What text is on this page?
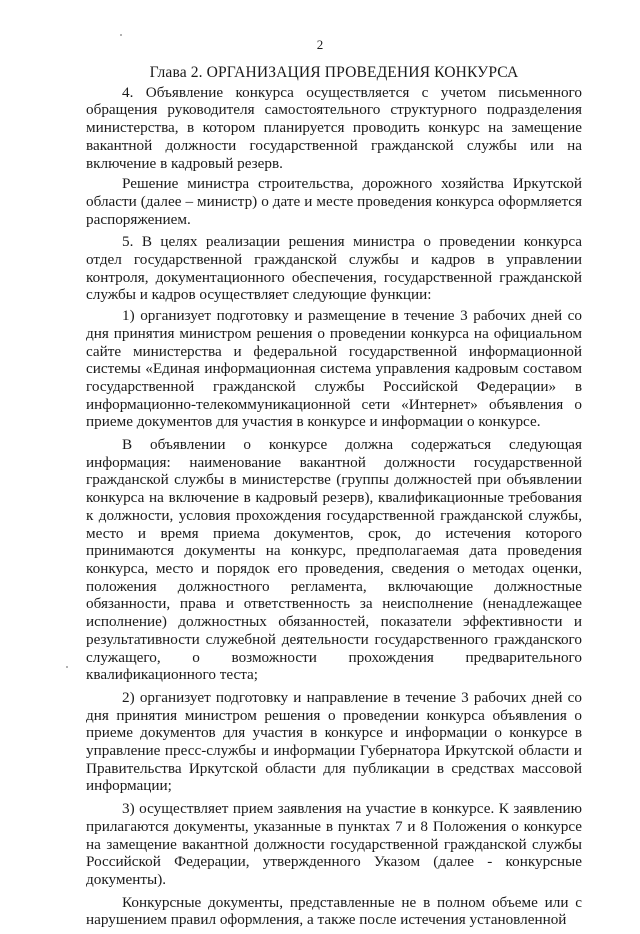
2
Глава 2. ОРГАНИЗАЦИЯ ПРОВЕДЕНИЯ КОНКУРСА

4. Объявление конкурса осуществляется с учетом письменного обращения руководителя самостоятельного структурного подразделения министерства, в котором планируется проводить конкурс на замещение вакантной должности государственной гражданской службы или на включение в кадровый резерв.

Решение министра строительства, дорожного хозяйства Иркутской области (далее – министр) о дате и месте проведения конкурса оформляется распоряжением.

5. В целях реализации решения министра о проведении конкурса отдел государственной гражданской службы и кадров в управлении контроля, документационного обеспечения, государственной гражданской службы и кадров осуществляет следующие функции:

1) организует подготовку и размещение в течение 3 рабочих дней со дня принятия министром решения о проведении конкурса на официальном сайте министерства и федеральной государственной информационной системы «Единая информационная система управления кадровым составом государственной гражданской службы Российской Федерации» в информационно-телекоммуникационной сети «Интернет» объявления о приеме документов для участия в конкурсе и информации о конкурсе.

В объявлении о конкурсе должна содержаться следующая информация: наименование вакантной должности государственной гражданской службы в министерстве (группы должностей при объявлении конкурса на включение в кадровый резерв), квалификационные требования к должности, условия прохождения государственной гражданской службы, место и время приема документов, срок, до истечения которого принимаются документы на конкурс, предполагаемая дата проведения конкурса, место и порядок его проведения, сведения о методах оценки, положения должностного регламента, включающие должностные обязанности, права и ответственность за неисполнение (ненадлежащее исполнение) должностных обязанностей, показатели эффективности и результативности служебной деятельности государственного гражданского служащего, о возможности прохождения предварительного квалификационного теста;

2) организует подготовку и направление в течение 3 рабочих дней со дня принятия министром решения о проведении конкурса объявления о приеме документов для участия в конкурсе и информации о конкурсе в управление пресс-службы и информации Губернатора Иркутской области и Правительства Иркутской области для публикации в средствах массовой информации;

3) осуществляет прием заявления на участие в конкурсе. К заявлению прилагаются документы, указанные в пунктах 7 и 8 Положения о конкурсе на замещение вакантной должности государственной гражданской службы Российской Федерации, утвержденного Указом (далее - конкурсные документы).

Конкурсные документы, представленные не в полном объеме или с нарушением правил оформления, а также после истечения установленной
